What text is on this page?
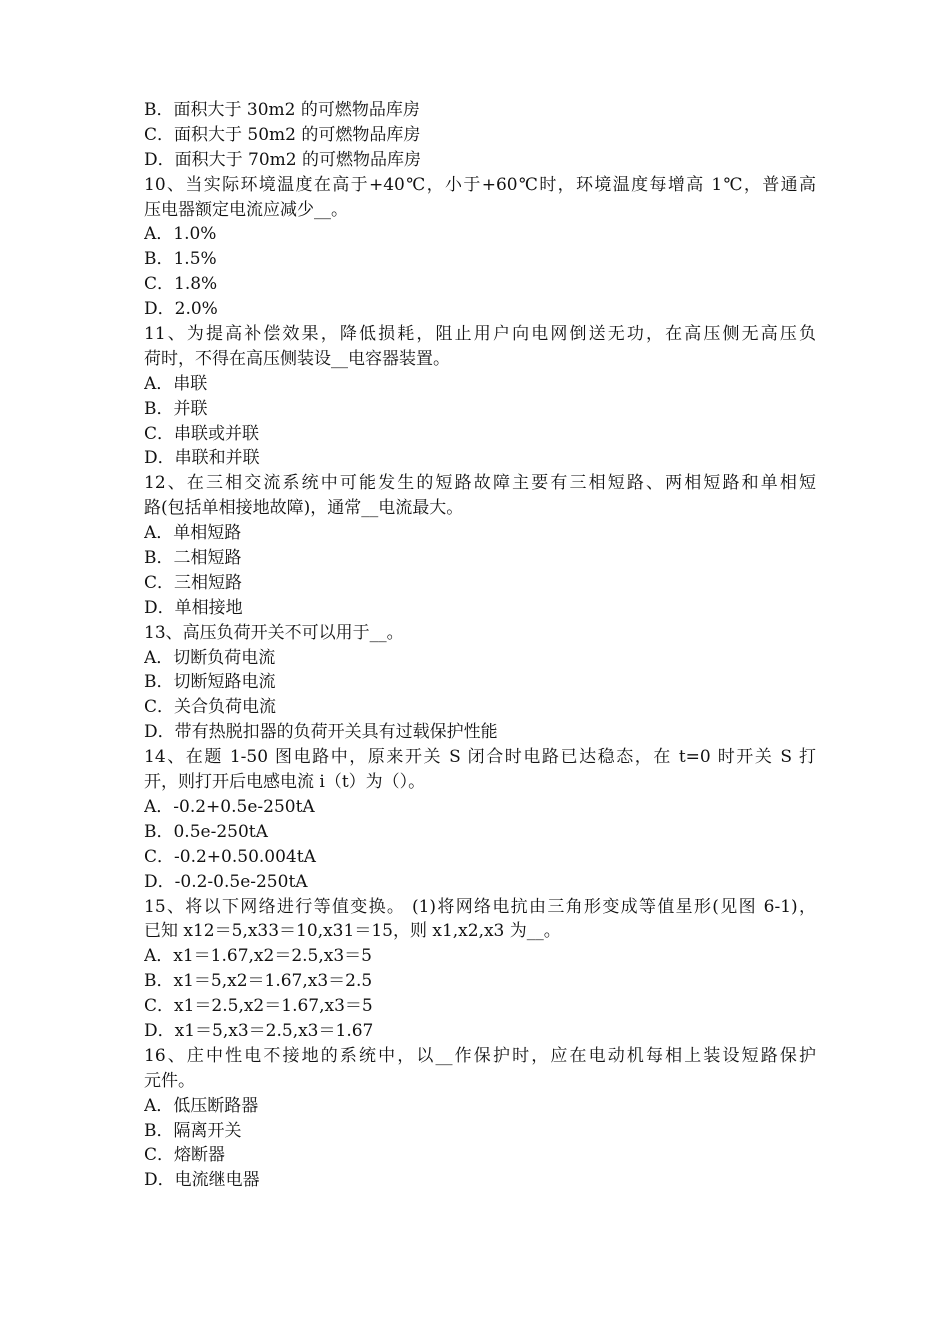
B．面积大于 30m2 的可燃物品库房
C．面积大于 50m2 的可燃物品库房
D．面积大于 70m2 的可燃物品库房
10、当实际环境温度在高于+40℃，小于+60℃时，环境温度每增高 1℃，普通高
压电器额定电流应减少__。
A．1.0%
B．1.5%
C．1.8%
D．2.0%
11、为提高补偿效果，降低损耗，阻止用户向电网倒送无功，在高压侧无高压负
荷时，不得在高压侧装设__电容器装置。
A．串联
B．并联
C．串联或并联
D．串联和并联
12、在三相交流系统中可能发生的短路故障主要有三相短路、两相短路和单相短
路(包括单相接地故障)，通常__电流最大。
A．单相短路
B．二相短路
C．三相短路
D．单相接地
13、高压负荷开关不可以用于__。
A．切断负荷电流
B．切断短路电流
C．关合负荷电流
D．带有热脱扣器的负荷开关具有过载保护性能
14、在题 1-50 图电路中，原来开关 S 闭合时电路已达稳态，在 t=0 时开关 S 打
开，则打开后电感电流 i（t）为（）。
A．-0.2+0.5e-250tA
B．0.5e-250tA
C．-0.2+0.50.004tA
D．-0.2-0.5e-250tA
15、将以下网络进行等值变换。 (1)将网络电抗由三角形变成等值星形(见图 6-1)，
已知 x12＝5,x33＝10,x31＝15，则 x1,x2,x3 为__。
A．x1＝1.67,x2＝2.5,x3＝5
B．x1＝5,x2＝1.67,x3＝2.5
C．x1＝2.5,x2＝1.67,x3＝5
D．x1＝5,x3＝2.5,x3＝1.67
16、庄中性电不接地的系统中，以__作保护时，应在电动机每相上装设短路保护
元件。
A．低压断路器
B．隔离开关
C．熔断器
D．电流继电器
